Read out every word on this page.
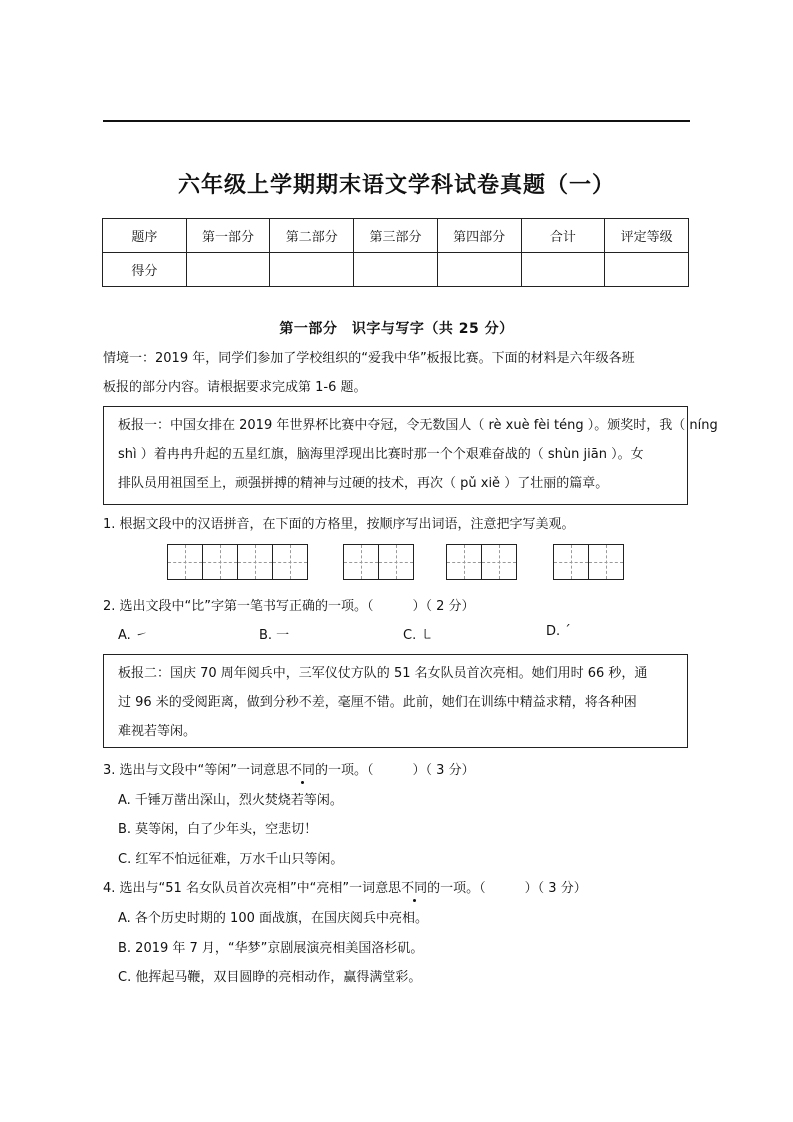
六年级上学期期末语文学科试卷真题（一）
题序	第一部分	第二部分	第三部分	第四部分	合计	评定等级
得分						
第一部分　识字与写字（共 25 分）
情境一：2019 年，同学们参加了学校组织的“爱我中华”板报比赛。下面的材料是六年级各班
板报的部分内容。请根据要求完成第 1-6 题。
板报一：中国女排在 2019 年世界杯比赛中夺冠，令无数国人（ rè xuè fèi téng ）。颁奖时，我（ níng
shì ）着冉冉升起的五星红旗，脑海里浮现出比赛时那一个个艰难奋战的（ shùn jiān ）。女
排队员用祖国至上，顽强拼搏的精神与过硬的技术，再次（ pǔ xiě ）了壮丽的篇章。
1. 根据文段中的汉语拼音，在下面的方格里，按顺序写出词语，注意把字写美观。
2. 选出文段中“比”字第一笔书写正确的一项。（　　　）（ 2 分）
A. ㇀	B. 一	C. ㇄	D. ˊ
板报二：国庆 70 周年阅兵中，三军仪仗方队的 51 名女队员首次亮相。她们用时 66 秒，通
过 96 米的受阅距离，做到分秒不差，毫厘不错。此前，她们在训练中精益求精，将各种困
难视若等闲。
3. 选出与文段中“等闲”一词意思不同的一项。（　　　）（ 3 分）
A. 千锤万凿出深山，烈火焚烧若等闲。
B. 莫等闲，白了少年头，空悲切！
C. 红军不怕远征难，万水千山只等闲。
4. 选出与“51 名女队员首次亮相”中“亮相”一词意思不同的一项。（　　　）（ 3 分）
A. 各个历史时期的 100 面战旗，在国庆阅兵中亮相。
B. 2019 年 7 月，“华梦”京剧展演亮相美国洛杉矶。
C. 他挥起马鞭，双目圆睁的亮相动作，赢得满堂彩。
